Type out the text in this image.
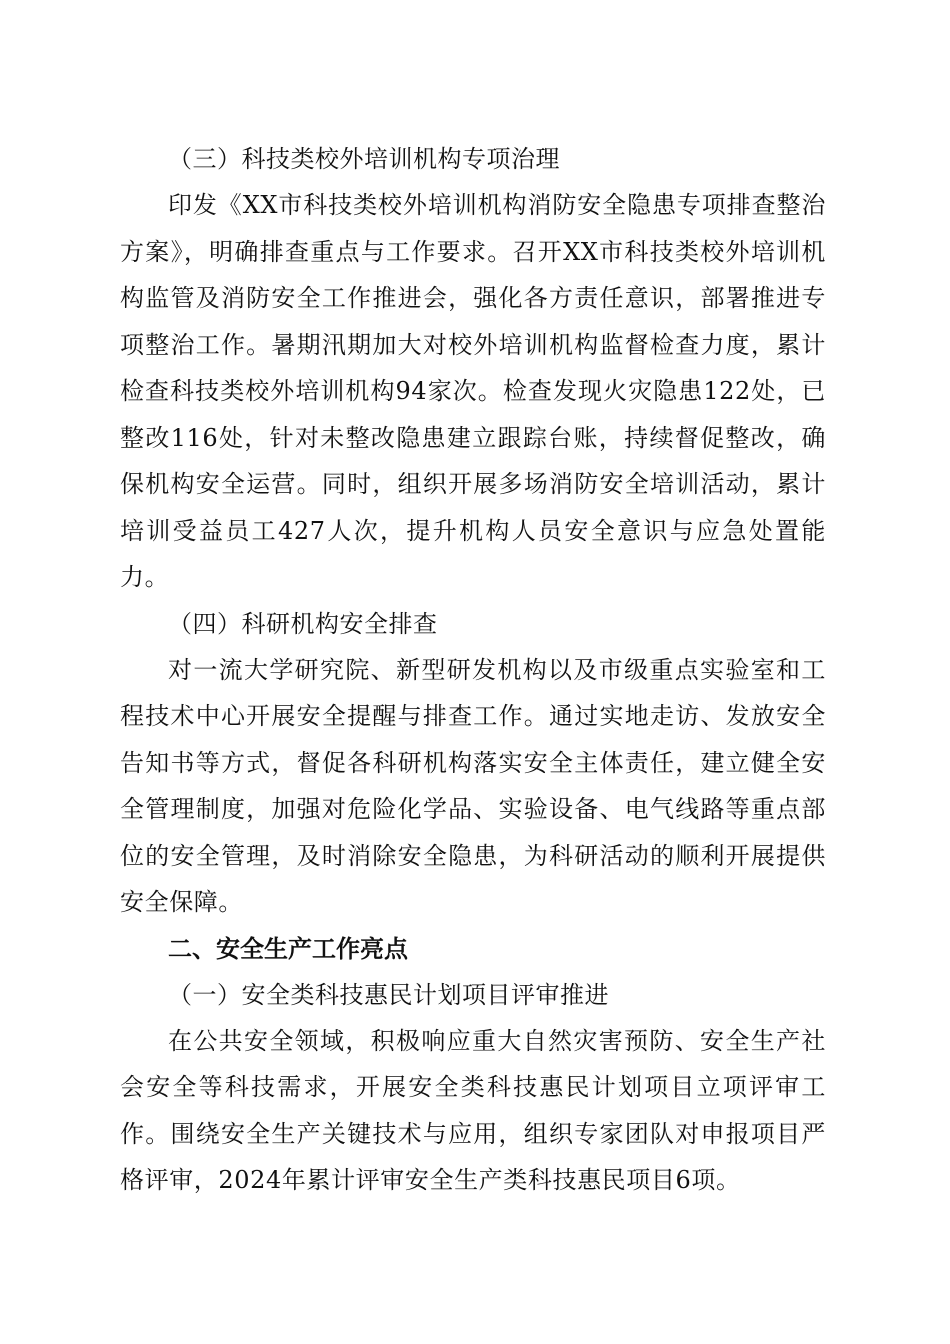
（三）科技类校外培训机构专项治理

印发《XX市科技类校外培训机构消防安全隐患专项排查整治方案》，明确排查重点与工作要求。召开XX市科技类校外培训机构监管及消防安全工作推进会，强化各方责任意识，部署推进专项整治工作。暑期汛期加大对校外培训机构监督检查力度，累计检查科技类校外培训机构94家次。检查发现火灾隐患122处，已整改116处，针对未整改隐患建立跟踪台账，持续督促整改，确保机构安全运营。同时，组织开展多场消防安全培训活动，累计培训受益员工427人次，提升机构人员安全意识与应急处置能力。

（四）科研机构安全排查

对一流大学研究院、新型研发机构以及市级重点实验室和工程技术中心开展安全提醒与排查工作。通过实地走访、发放安全告知书等方式，督促各科研机构落实安全主体责任，建立健全安全管理制度，加强对危险化学品、实验设备、电气线路等重点部位的安全管理，及时消除安全隐患，为科研活动的顺利开展提供安全保障。

二、安全生产工作亮点
（一）安全类科技惠民计划项目评审推进

在公共安全领域，积极响应重大自然灾害预防、安全生产社会安全等科技需求，开展安全类科技惠民计划项目立项评审工作。围绕安全生产关键技术与应用，组织专家团队对申报项目严格评审，2024年累计评审安全生产类科技惠民项目6项。
